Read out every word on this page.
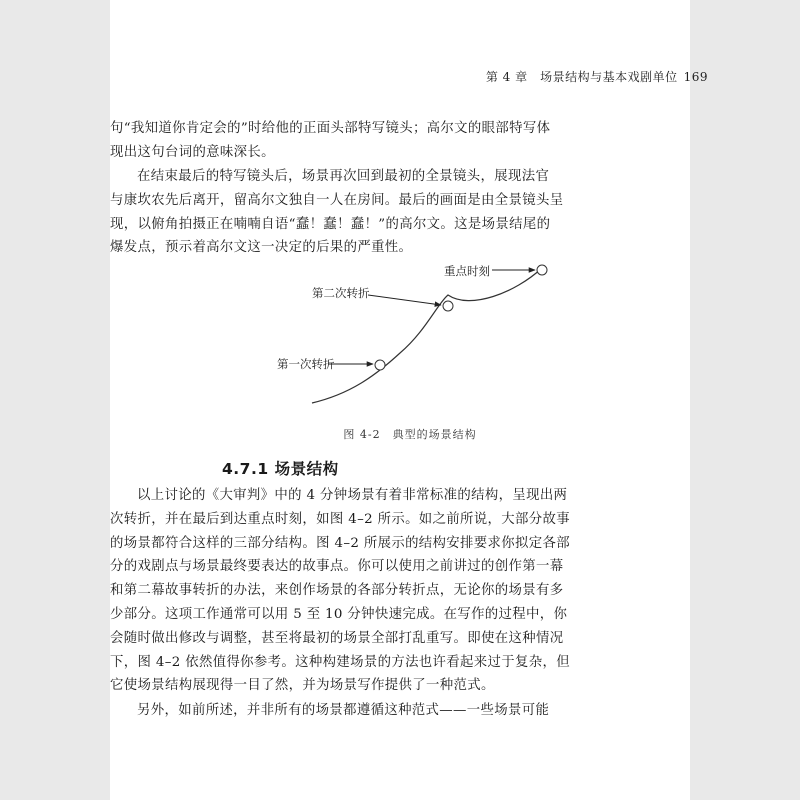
第 4 章　场景结构与基本戏剧单位 169
句“我知道你肯定会的”时给他的正面头部特写镜头；高尔文的眼部特写体
现出这句台词的意味深长。
在结束最后的特写镜头后，场景再次回到最初的全景镜头，展现法官
与康坎农先后离开，留高尔文独自一人在房间。最后的画面是由全景镜头呈
现，以俯角拍摄正在喃喃自语“蠢！蠢！蠢！”的高尔文。这是场景结尾的
爆发点，预示着高尔文这一决定的后果的严重性。
重点时刻
第二次转折
第一次转折
图 4-2　典型的场景结构
4.7.1 场景结构
以上讨论的《大审判》中的 4 分钟场景有着非常标准的结构，呈现出两
次转折，并在最后到达重点时刻，如图 4–2 所示。如之前所说，大部分故事
的场景都符合这样的三部分结构。图 4–2 所展示的结构安排要求你拟定各部
分的戏剧点与场景最终要表达的故事点。你可以使用之前讲过的创作第一幕
和第二幕故事转折的办法，来创作场景的各部分转折点，无论你的场景有多
少部分。这项工作通常可以用 5 至 10 分钟快速完成。在写作的过程中，你
会随时做出修改与调整，甚至将最初的场景全部打乱重写。即使在这种情况
下，图 4–2 依然值得你参考。这种构建场景的方法也许看起来过于复杂，但
它使场景结构展现得一目了然，并为场景写作提供了一种范式。
另外，如前所述，并非所有的场景都遵循这种范式——一些场景可能
